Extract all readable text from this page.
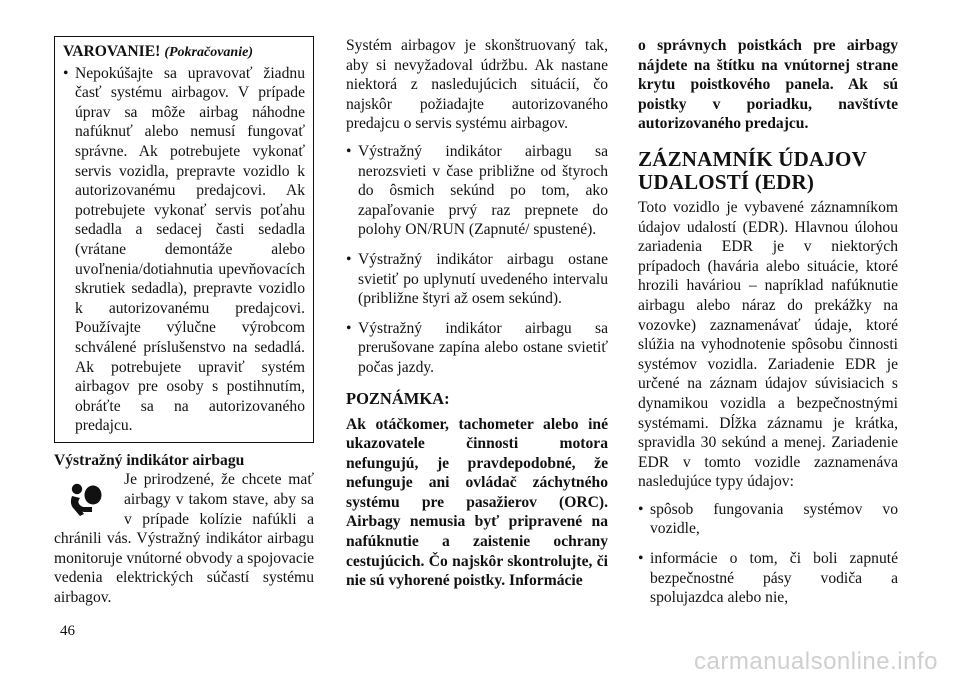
VAROVANIE! (Pokračovanie)

• Nepokúšajte sa upravovať žiadnu časť systému airbagov. V prípade úprav sa môže airbag náhodne nafúknuť alebo nemusí fungovať správne. Ak potrebujete vykonať servis vozidla, prepravte vozidlo k autorizovanému predajcovi. Ak potrebujete vykonať servis poťahu sedadla a sedacej časti sedadla (vrátane demontáže alebo uvoľnenia/dotiahnutia upevňovacích skrutiek sedadla), prepravte vozidlo k autorizovanému predajcovi. Používajte výlučne výrobcom schválené príslušenstvo na sedadlá. Ak potrebujete upraviť systém airbagov pre osoby s postihnutím, obráťte sa na autorizovaného predajcu.

Výstražný indikátor airbagu

Je prirodzené, že chcete mať airbagy v takom stave, aby sa v prípade kolízie nafúkli a chránili vás. Výstražný indikátor airbagu monitoruje vnútorné obvody a spojovacie vedenia elektrických súčastí systému airbagov.

Systém airbagov je skonštruovaný tak, aby si nevyžadoval údržbu. Ak nastane niektorá z nasledujúcich situácií, čo najskôr požiadajte autorizovaného predajcu o servis systému airbagov.

• Výstražný indikátor airbagu sa nerozsvieti v čase približne od štyroch do ôsmich sekúnd po tom, ako zapaľovanie prvý raz prepnete do polohy ON/RUN (Zapnuté/ spustené).

• Výstražný indikátor airbagu ostane svietiť po uplynutí uvedeného intervalu (približne štyri až osem sekúnd).

• Výstražný indikátor airbagu sa prerušovane zapína alebo ostane svietiť počas jazdy.

POZNÁMKA:

Ak otáčkomer, tachometer alebo iné ukazovatele činnosti motora nefungujú, je pravdepodobné, že nefunguje ani ovládač záchytného systému pre pasažierov (ORC). Airbagy nemusia byť pripravené na nafúknutie a zaistenie ochrany cestujúcich. Čo najskôr skontrolujte, či nie sú vyhorené poistky. Informácie

o správnych poistkách pre airbagy nájdete na štítku na vnútornej strane krytu poistkového panela. Ak sú poistky v poriadku, navštívte autorizovaného predajcu.

ZÁZNAMNÍK ÚDAJOV
UDALOSTÍ (EDR)

Toto vozidlo je vybavené záznamníkom údajov udalostí (EDR). Hlavnou úlohou zariadenia EDR je v niektorých prípadoch (havária alebo situácie, ktoré hrozili haváriou – napríklad nafúknutie airbagu alebo náraz do prekážky na vozovke) zaznamenávať údaje, ktoré slúžia na vyhodnotenie spôsobu činnosti systémov vozidla. Zariadenie EDR je určené na záznam údajov súvisiacich s dynamikou vozidla a bezpečnostnými systémami. Dĺžka záznamu je krátka, spravidla 30 sekúnd a menej. Zariadenie EDR v tomto vozidle zaznamenáva nasledujúce typy údajov:

• spôsob fungovania systémov vo vozidle,

• informácie o tom, či boli zapnuté bezpečnostné pásy vodiča a spolujazdca alebo nie,

46
carmanualsonline.info
